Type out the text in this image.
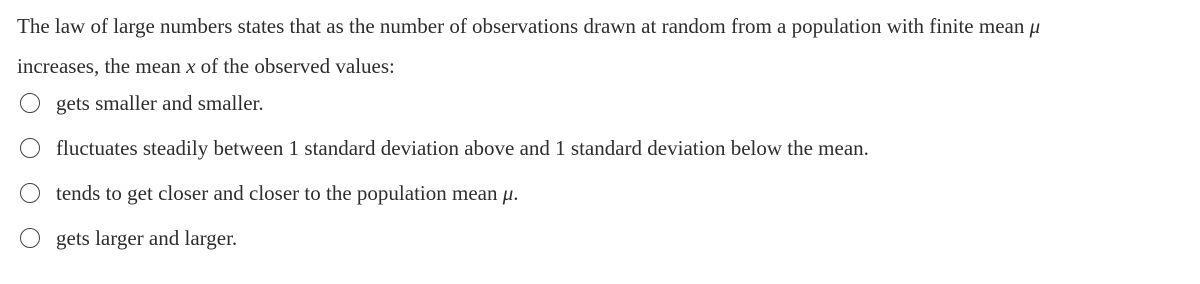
The law of large numbers states that as the number of observations drawn at random from a population with finite mean μ
increases, the mean x of the observed values:
gets smaller and smaller.
fluctuates steadily between 1 standard deviation above and 1 standard deviation below the mean.
tends to get closer and closer to the population mean μ.
gets larger and larger.
